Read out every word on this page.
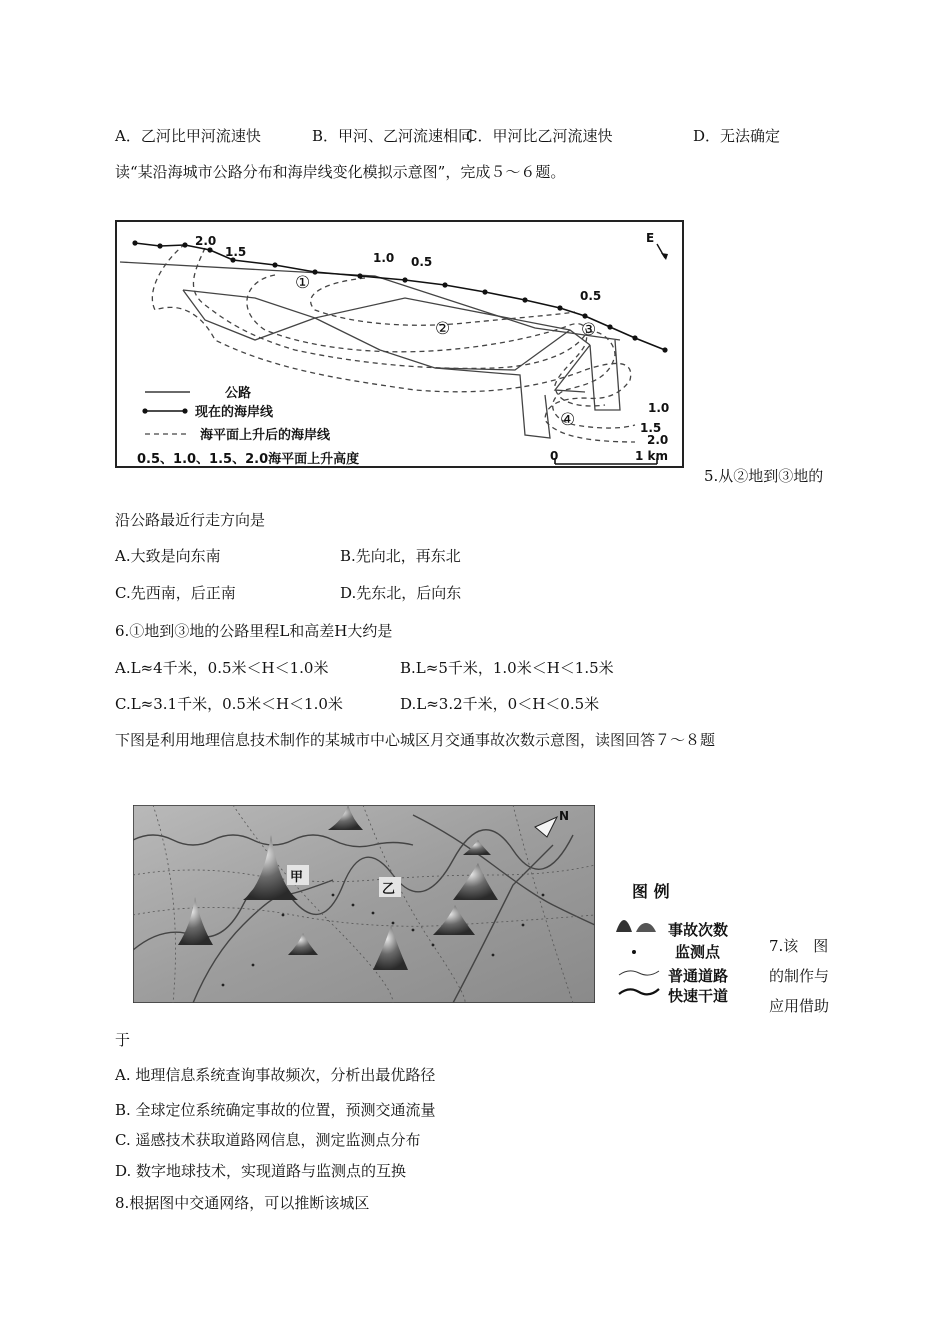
A．乙河比甲河流速快	B．甲河、乙河流速相同
C．甲河比乙河流速快	D．无法确定
读“某沿海城市公路分布和海岸线变化模拟示意图”，完成５～６题。
2.0
1.5	1.0 0.5
0.5
1.0
1.5
2.0
①
②	③
④
E
公路
现在的海岸线
海平面上升后的海岸线
0.5、1.0、1.5、2.0海平面上升高度	0	1 km
5.从②地到③地的
沿公路最近行走方向是
A.大致是向东南	B.先向北，再东北
C.先西南，后正南	D.先东北，后向东
6.①地到③地的公路里程L和高差H大约是
A.L≈4千米，0.5米＜H＜1.0米	B.L≈5千米，1.0米＜H＜1.5米
C.L≈3.1千米，0.5米＜H＜1.0米	D.L≈3.2千米，0＜H＜0.5米
下图是利用地理信息技术制作的某城市中心城区月交通事故次数示意图，读图回答７～８题
甲
乙
N
图 例
事故次数
监测点
普通道路
快速干道
7.该　图
的制作与
应用借助
于
A. 地理信息系统查询事故频次，分析出最优路径
B. 全球定位系统确定事故的位置，预测交通流量
C. 遥感技术获取道路网信息，测定监测点分布
D. 数字地球技术，实现道路与监测点的互换
8.根据图中交通网络，可以推断该城区
